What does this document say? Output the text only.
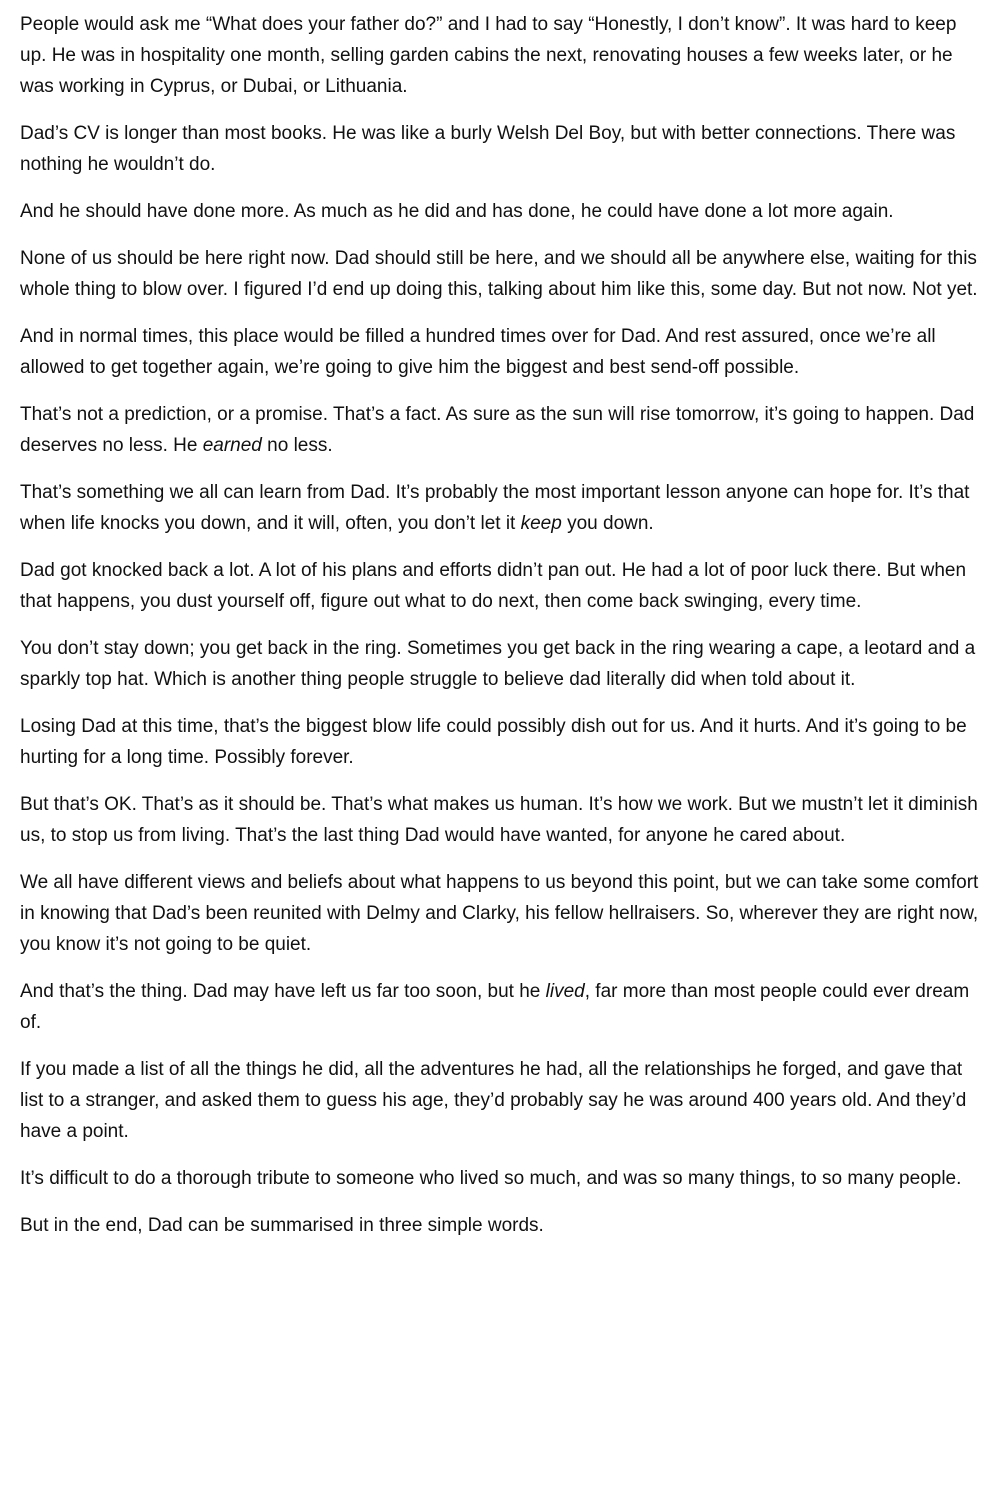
People would ask me “What does your father do?” and I had to say “Honestly, I don’t know”. It was hard to keep up. He was in hospitality one month, selling garden cabins the next, renovating houses a few weeks later, or he was working in Cyprus, or Dubai, or Lithuania.

Dad’s CV is longer than most books. He was like a burly Welsh Del Boy, but with better connections. There was nothing he wouldn’t do.

And he should have done more. As much as he did and has done, he could have done a lot more again.

None of us should be here right now. Dad should still be here, and we should all be anywhere else, waiting for this whole thing to blow over. I figured I’d end up doing this, talking about him like this, some day. But not now. Not yet.

And in normal times, this place would be filled a hundred times over for Dad. And rest assured, once we’re all allowed to get together again, we’re going to give him the biggest and best send-off possible.

That’s not a prediction, or a promise. That’s a fact. As sure as the sun will rise tomorrow, it’s going to happen. Dad deserves no less. He earned no less.

That’s something we all can learn from Dad. It’s probably the most important lesson anyone can hope for. It’s that when life knocks you down, and it will, often, you don’t let it keep you down.

Dad got knocked back a lot. A lot of his plans and efforts didn’t pan out. He had a lot of poor luck there. But when that happens, you dust yourself off, figure out what to do next, then come back swinging, every time.

You don’t stay down; you get back in the ring. Sometimes you get back in the ring wearing a cape, a leotard and a sparkly top hat. Which is another thing people struggle to believe dad literally did when told about it.

Losing Dad at this time, that’s the biggest blow life could possibly dish out for us. And it hurts. And it’s going to be hurting for a long time. Possibly forever.

But that’s OK. That’s as it should be. That’s what makes us human. It’s how we work. But we mustn’t let it diminish us, to stop us from living. That’s the last thing Dad would have wanted, for anyone he cared about.

We all have different views and beliefs about what happens to us beyond this point, but we can take some comfort in knowing that Dad’s been reunited with Delmy and Clarky, his fellow hellraisers. So, wherever they are right now, you know it’s not going to be quiet.

And that’s the thing. Dad may have left us far too soon, but he lived, far more than most people could ever dream of.

If you made a list of all the things he did, all the adventures he had, all the relationships he forged, and gave that list to a stranger, and asked them to guess his age, they’d probably say he was around 400 years old. And they’d have a point.

It’s difficult to do a thorough tribute to someone who lived so much, and was so many things, to so many people.

But in the end, Dad can be summarised in three simple words.
